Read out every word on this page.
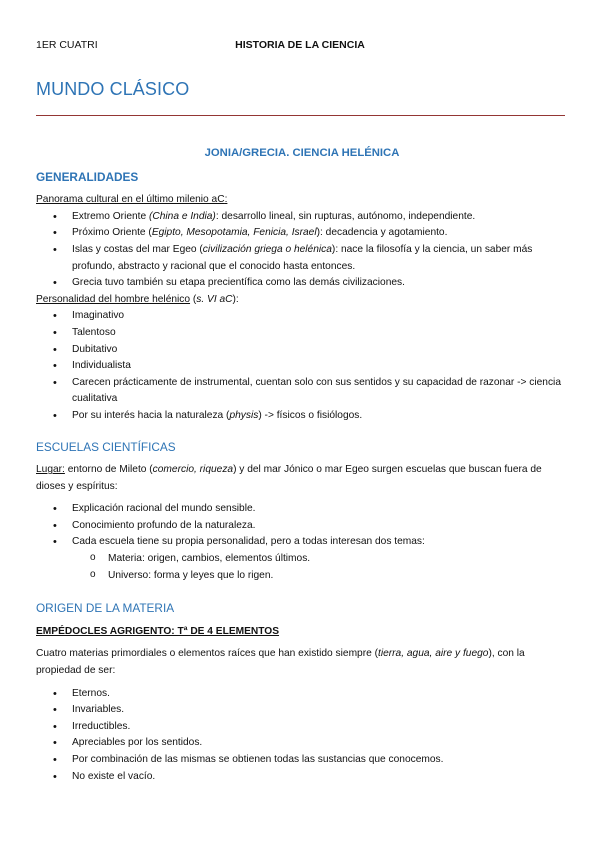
1ER CUATRI	HISTORIA DE LA CIENCIA
MUNDO CLÁSICO
JONIA/GRECIA. CIENCIA HELÉNICA
GENERALIDADES

Panorama cultural en el último milenio aC:

• Extremo Oriente (China e India): desarrollo lineal, sin rupturas, autónomo, independiente.
• Próximo Oriente (Egipto, Mesopotamia, Fenicia, Israel): decadencia y agotamiento.
• Islas y costas del mar Egeo (civilización griega o helénica): nace la filosofía y la ciencia, un saber más profundo, abstracto y racional que el conocido hasta entonces.
• Grecia tuvo también su etapa precientífica como las demás civilizaciones.

Personalidad del hombre helénico (s. VI aC):

• Imaginativo
• Talentoso
• Dubitativo
• Individualista
• Carecen prácticamente de instrumental, cuentan solo con sus sentidos y su capacidad de razonar -> ciencia cualitativa
• Por su interés hacia la naturaleza (physis) -> físicos o fisiólogos.
ESCUELAS CIENTÍFICAS

Lugar: entorno de Mileto (comercio, riqueza) y del mar Jónico o mar Egeo surgen escuelas que buscan fuera de dioses y espíritus:

• Explicación racional del mundo sensible.
• Conocimiento profundo de la naturaleza.
• Cada escuela tiene su propia personalidad, pero a todas interesan dos temas:
o Materia: origen, cambios, elementos últimos.
o Universo: forma y leyes que lo rigen.
ORIGEN DE LA MATERIA

EMPÉDOCLES AGRIGENTO: Tª DE 4 ELEMENTOS

Cuatro materias primordiales o elementos raíces que han existido siempre (tierra, agua, aire y fuego), con la propiedad de ser:

• Eternos.
• Invariables.
• Irreductibles.
• Apreciables por los sentidos.
• Por combinación de las mismas se obtienen todas las sustancias que conocemos.
• No existe el vacío.
